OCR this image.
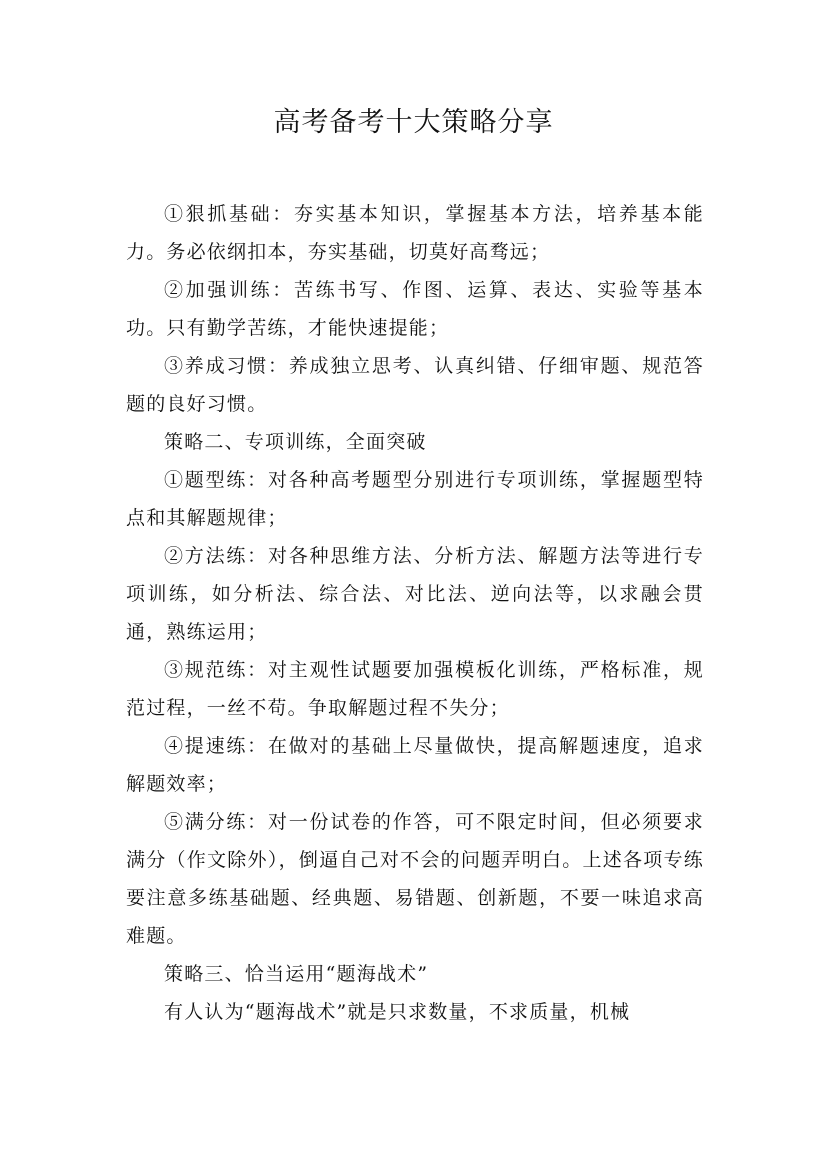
高考备考十大策略分享

①狠抓基础：夯实基本知识，掌握基本方法，培养基本能力。务必依纲扣本，夯实基础，切莫好高骛远；

②加强训练：苦练书写、作图、运算、表达、实验等基本功。只有勤学苦练，才能快速提能；

③养成习惯：养成独立思考、认真纠错、仔细审题、规范答题的良好习惯。

策略二、专项训练，全面突破

①题型练：对各种高考题型分别进行专项训练，掌握题型特点和其解题规律；

②方法练：对各种思维方法、分析方法、解题方法等进行专项训练，如分析法、综合法、对比法、逆向法等，以求融会贯通，熟练运用；

③规范练：对主观性试题要加强模板化训练，严格标准，规范过程，一丝不苟。争取解题过程不失分；

④提速练：在做对的基础上尽量做快，提高解题速度，追求解题效率；

⑤满分练：对一份试卷的作答，可不限定时间，但必须要求满分（作文除外），倒逼自己对不会的问题弄明白。上述各项专练要注意多练基础题、经典题、易错题、创新题，不要一味追求高难题。

策略三、恰当运用“题海战术”

有人认为“题海战术”就是只求数量，不求质量，机械
